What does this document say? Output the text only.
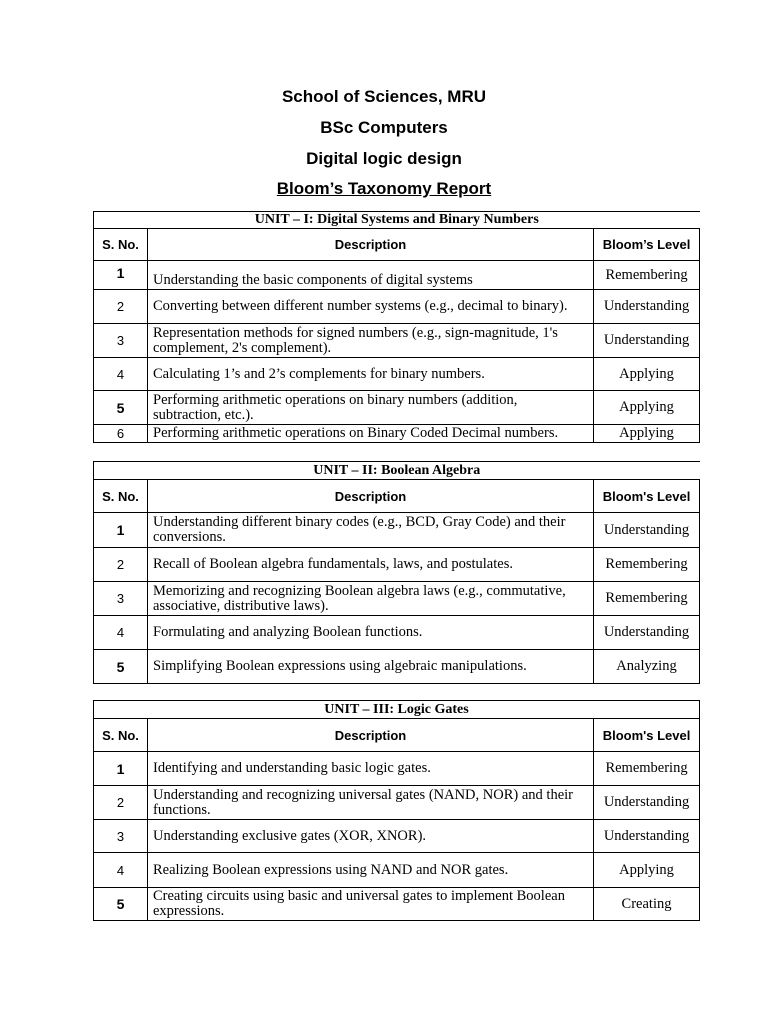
School of Sciences, MRU
BSc Computers
Digital logic design
Bloom’s Taxonomy Report
UNIT – I: Digital Systems and Binary Numbers		
S. No.	Description	Bloom’s Level
1	Understanding the basic components of digital systems	Remembering
2	Converting between different number systems (e.g., decimal to binary).	Understanding
3	Representation methods for signed numbers (e.g., sign-magnitude, 1's complement, 2's complement).	Understanding
4	Calculating 1’s and 2’s complements for binary numbers.	Applying
5	Performing arithmetic operations on binary numbers (addition, subtraction, etc.).	Applying
6	Performing arithmetic operations on Binary Coded Decimal numbers.	Applying
UNIT – II: Boolean Algebra		
S. No.	Description	Bloom's Level
1	Understanding different binary codes (e.g., BCD, Gray Code) and their conversions.	Understanding
2	Recall of Boolean algebra fundamentals, laws, and postulates.	Remembering
3	Memorizing and recognizing Boolean algebra laws (e.g., commutative, associative, distributive laws).	Remembering
4	Formulating and analyzing Boolean functions.	Understanding
5	Simplifying Boolean expressions using algebraic manipulations.	Analyzing
UNIT – III: Logic Gates		
S. No.	Description	Bloom's Level
1	Identifying and understanding basic logic gates.	Remembering
2	Understanding and recognizing universal gates (NAND, NOR) and their functions.	Understanding
3	Understanding exclusive gates (XOR, XNOR).	Understanding
4	Realizing Boolean expressions using NAND and NOR gates.	Applying
5	Creating circuits using basic and universal gates to implement Boolean expressions.	Creating
